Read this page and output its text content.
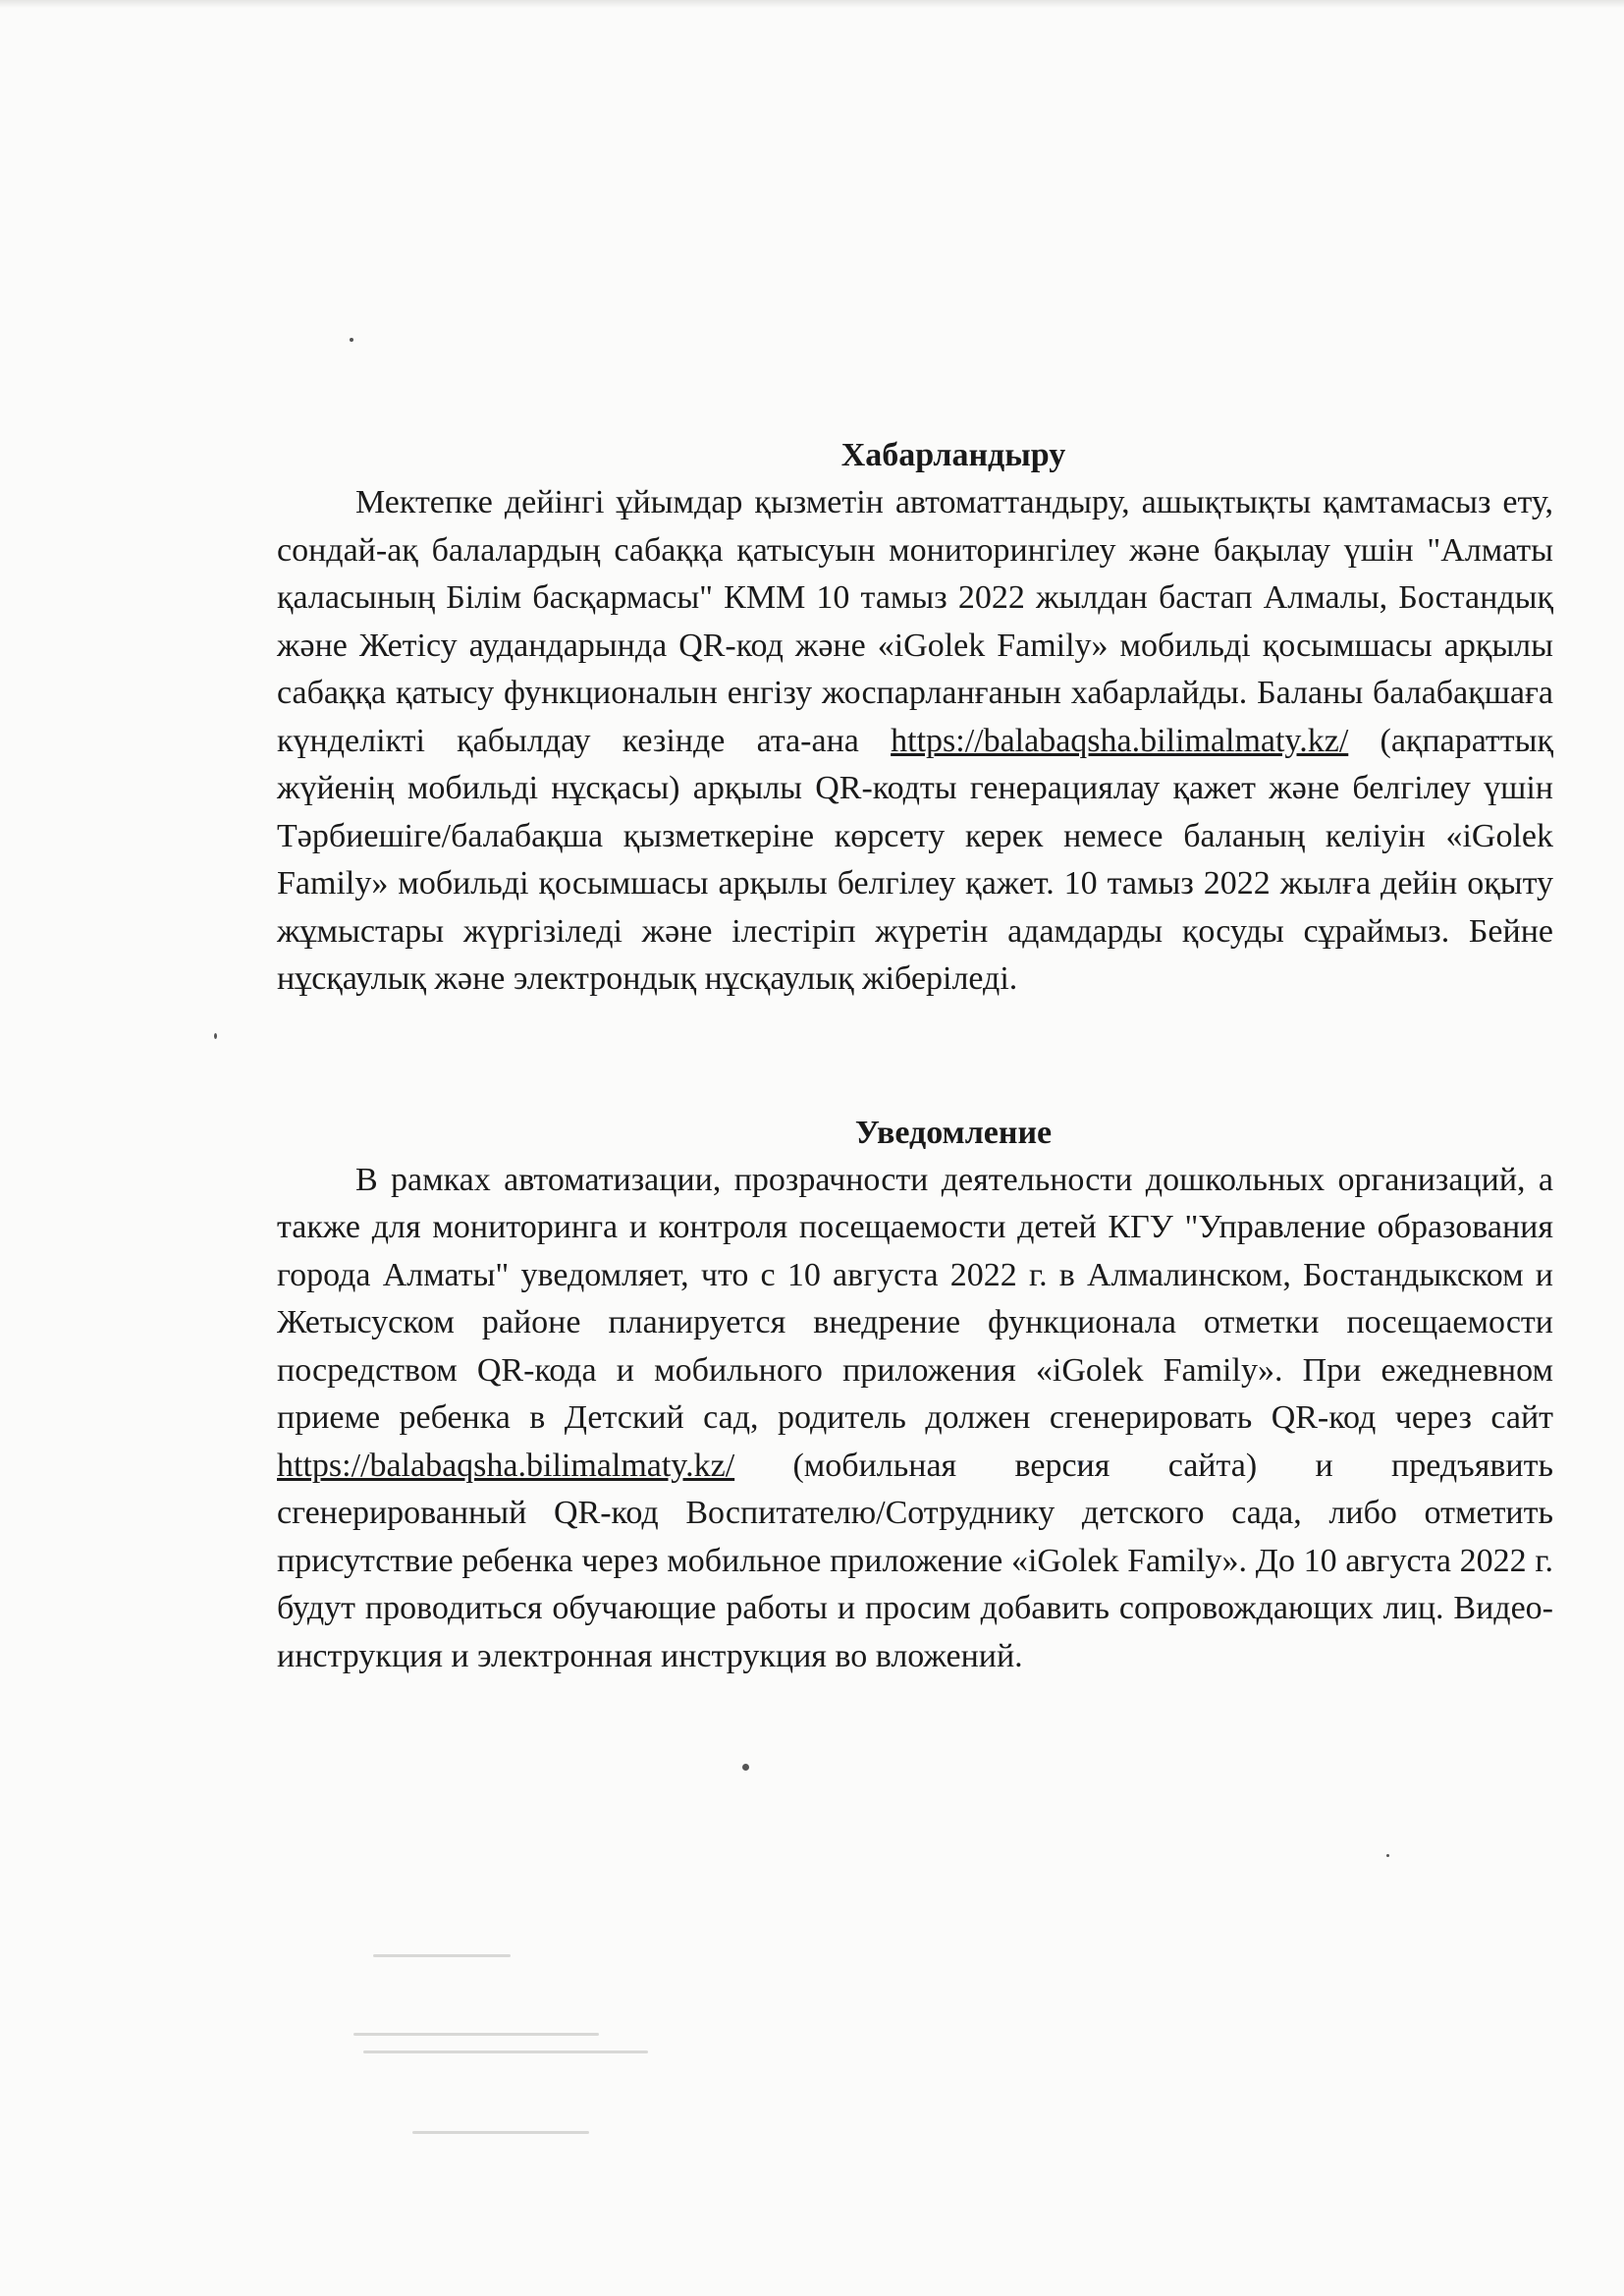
Хабарландыру

Мектепке дейінгі ұйымдар қызметін автоматтандыру, ашықтықты қамтамасыз ету, сондай-ақ балалардың сабаққа қатысуын мониторингілеу және бақылау үшін "Алматы қаласының Білім басқармасы" КММ 10 тамыз 2022 жылдан бастап Алмалы, Бостандық және Жетісу аудандарында QR-код және «iGolek Family» мобильді қосымшасы арқылы сабаққа қатысу функционалын енгізу жоспарланғанын хабарлайды. Баланы балабақшаға күнделікті қабылдау кезінде ата-ана https://balabaqsha.bilimalmaty.kz/ (ақпараттық жүйенің мобильді нұсқасы) арқылы QR-кодты генерациялау қажет және белгілеу үшін Тәрбиешіге/балабақша қызметкеріне көрсету керек немесе баланың келіуін «iGolek Family» мобильді қосымшасы арқылы белгілеу қажет. 10 тамыз 2022 жылға дейін оқыту жұмыстары жүргізіледі және ілестіріп жүретін адамдарды қосуды сұраймыз. Бейне нұсқаулық және электрондық нұсқаулық жіберіледі.

Уведомление

В рамках автоматизации, прозрачности деятельности дошкольных организаций, а также для мониторинга и контроля посещаемости детей КГУ "Управление образования города Алматы" уведомляет, что с 10 августа 2022 г. в Алмалинском, Бостандыкском и Жетысуском районе планируется внедрение функционала отметки посещаемости посредством QR-кода и мобильного приложения «iGolek Family». При ежедневном приеме ребенка в Детский сад, родитель должен сгенерировать QR-код через сайт https://balabaqsha.bilimalmaty.kz/ (мобильная версия сайта) и предъявить сгенерированный QR-код Воспитателю/Сотруднику детского сада, либо отметить присутствие ребенка через мобильное приложение «iGolek Family». До 10 августа 2022 г. будут проводиться обучающие работы и просим добавить сопровождающих лиц. Видео-инструкция и электронная инструкция во вложений.
